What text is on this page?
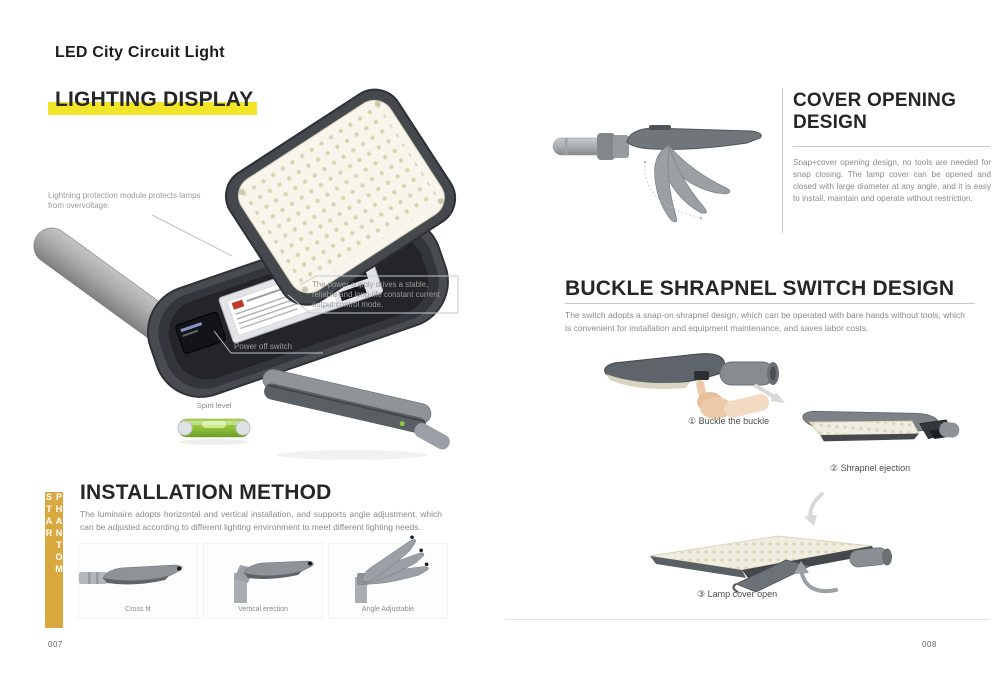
LED City Circuit Light
LIGHTING DISPLAY
Lightning protection module protects lamps from overvoltage.
The power supply drives a stable, reliable and long-life constant current output control mode.
Power off switch
Spirit level
INSTALLATION METHOD
The luminaire adopts horizontal and vertical installation, and supports angle adjustment, which can be adjusted according to different lighting environment to meet different lighting needs.
Cross fit	Vertical erection	Angle Adjustable
PHANTOM STAR
007
COVER OPENING
DESIGN
Snap+cover opening design, no tools are needed for snap closing. The lamp cover can be opened and closed with large diameter at any angle, and it is easy to install, maintain and operate without restriction.
BUCKLE SHRAPNEL SWITCH DESIGN
The switch adopts a snap-on shrapnel design, which can be operated with bare hands without tools, which is convenient for installation and equipment maintenance, and saves labor costs.
① Buckle the buckle
② Shrapnel ejection
③ Lamp cover open
008
